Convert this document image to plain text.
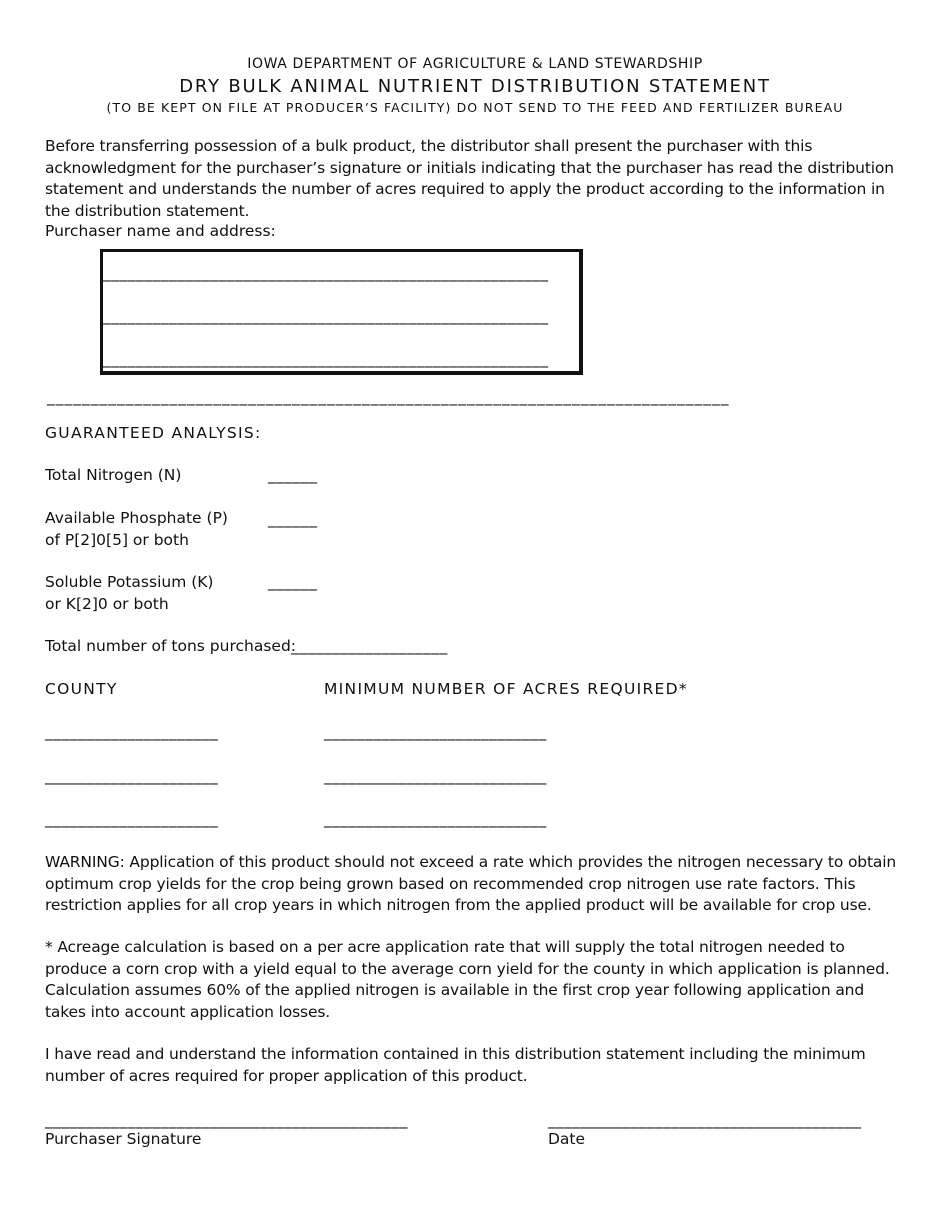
IOWA DEPARTMENT OF AGRICULTURE & LAND STEWARDSHIP
DRY BULK ANIMAL NUTRIENT DISTRIBUTION STATEMENT
(TO BE KEPT ON FILE AT PRODUCER’S FACILITY) DO NOT SEND TO THE FEED AND FERTILIZER BUREAU
Before transferring possession of a bulk product, the distributor shall present the purchaser with this acknowledgment for the purchaser’s signature or initials indicating that the purchaser has read the distribution statement and understands the number of acres required to apply the product according to the information in the distribution statement.
Purchaser name and address:
______________________________________________________
______________________________________________________
______________________________________________________
______________________________________________________________________________
GUARANTEED ANALYSIS:
Total Nitrogen (N)	______
Available Phosphate (P)
of P[2]0[5] or both
______
Soluble Potassium (K)
or K[2]0 or both
______
Total number of tons purchased:
___________________
COUNTY	MINIMUM NUMBER OF ACRES REQUIRED*
_____________________	___________________________
_____________________	___________________________
_____________________	___________________________
WARNING: Application of this product should not exceed a rate which provides the nitrogen necessary to obtain optimum crop yields for the crop being grown based on recommended crop nitrogen use rate factors. This restriction applies for all crop years in which nitrogen from the applied product will be available for crop use.
* Acreage calculation is based on a per acre application rate that will supply the total nitrogen needed to produce a corn crop with a yield equal to the average corn yield for the county in which application is planned. Calculation assumes 60% of the applied nitrogen is available in the first crop year following application and takes into account application losses.
I have read and understand the information contained in this distribution statement including the minimum number of acres required for proper application of this product.
____________________________________________
Purchaser Signature
______________________________________
Date
